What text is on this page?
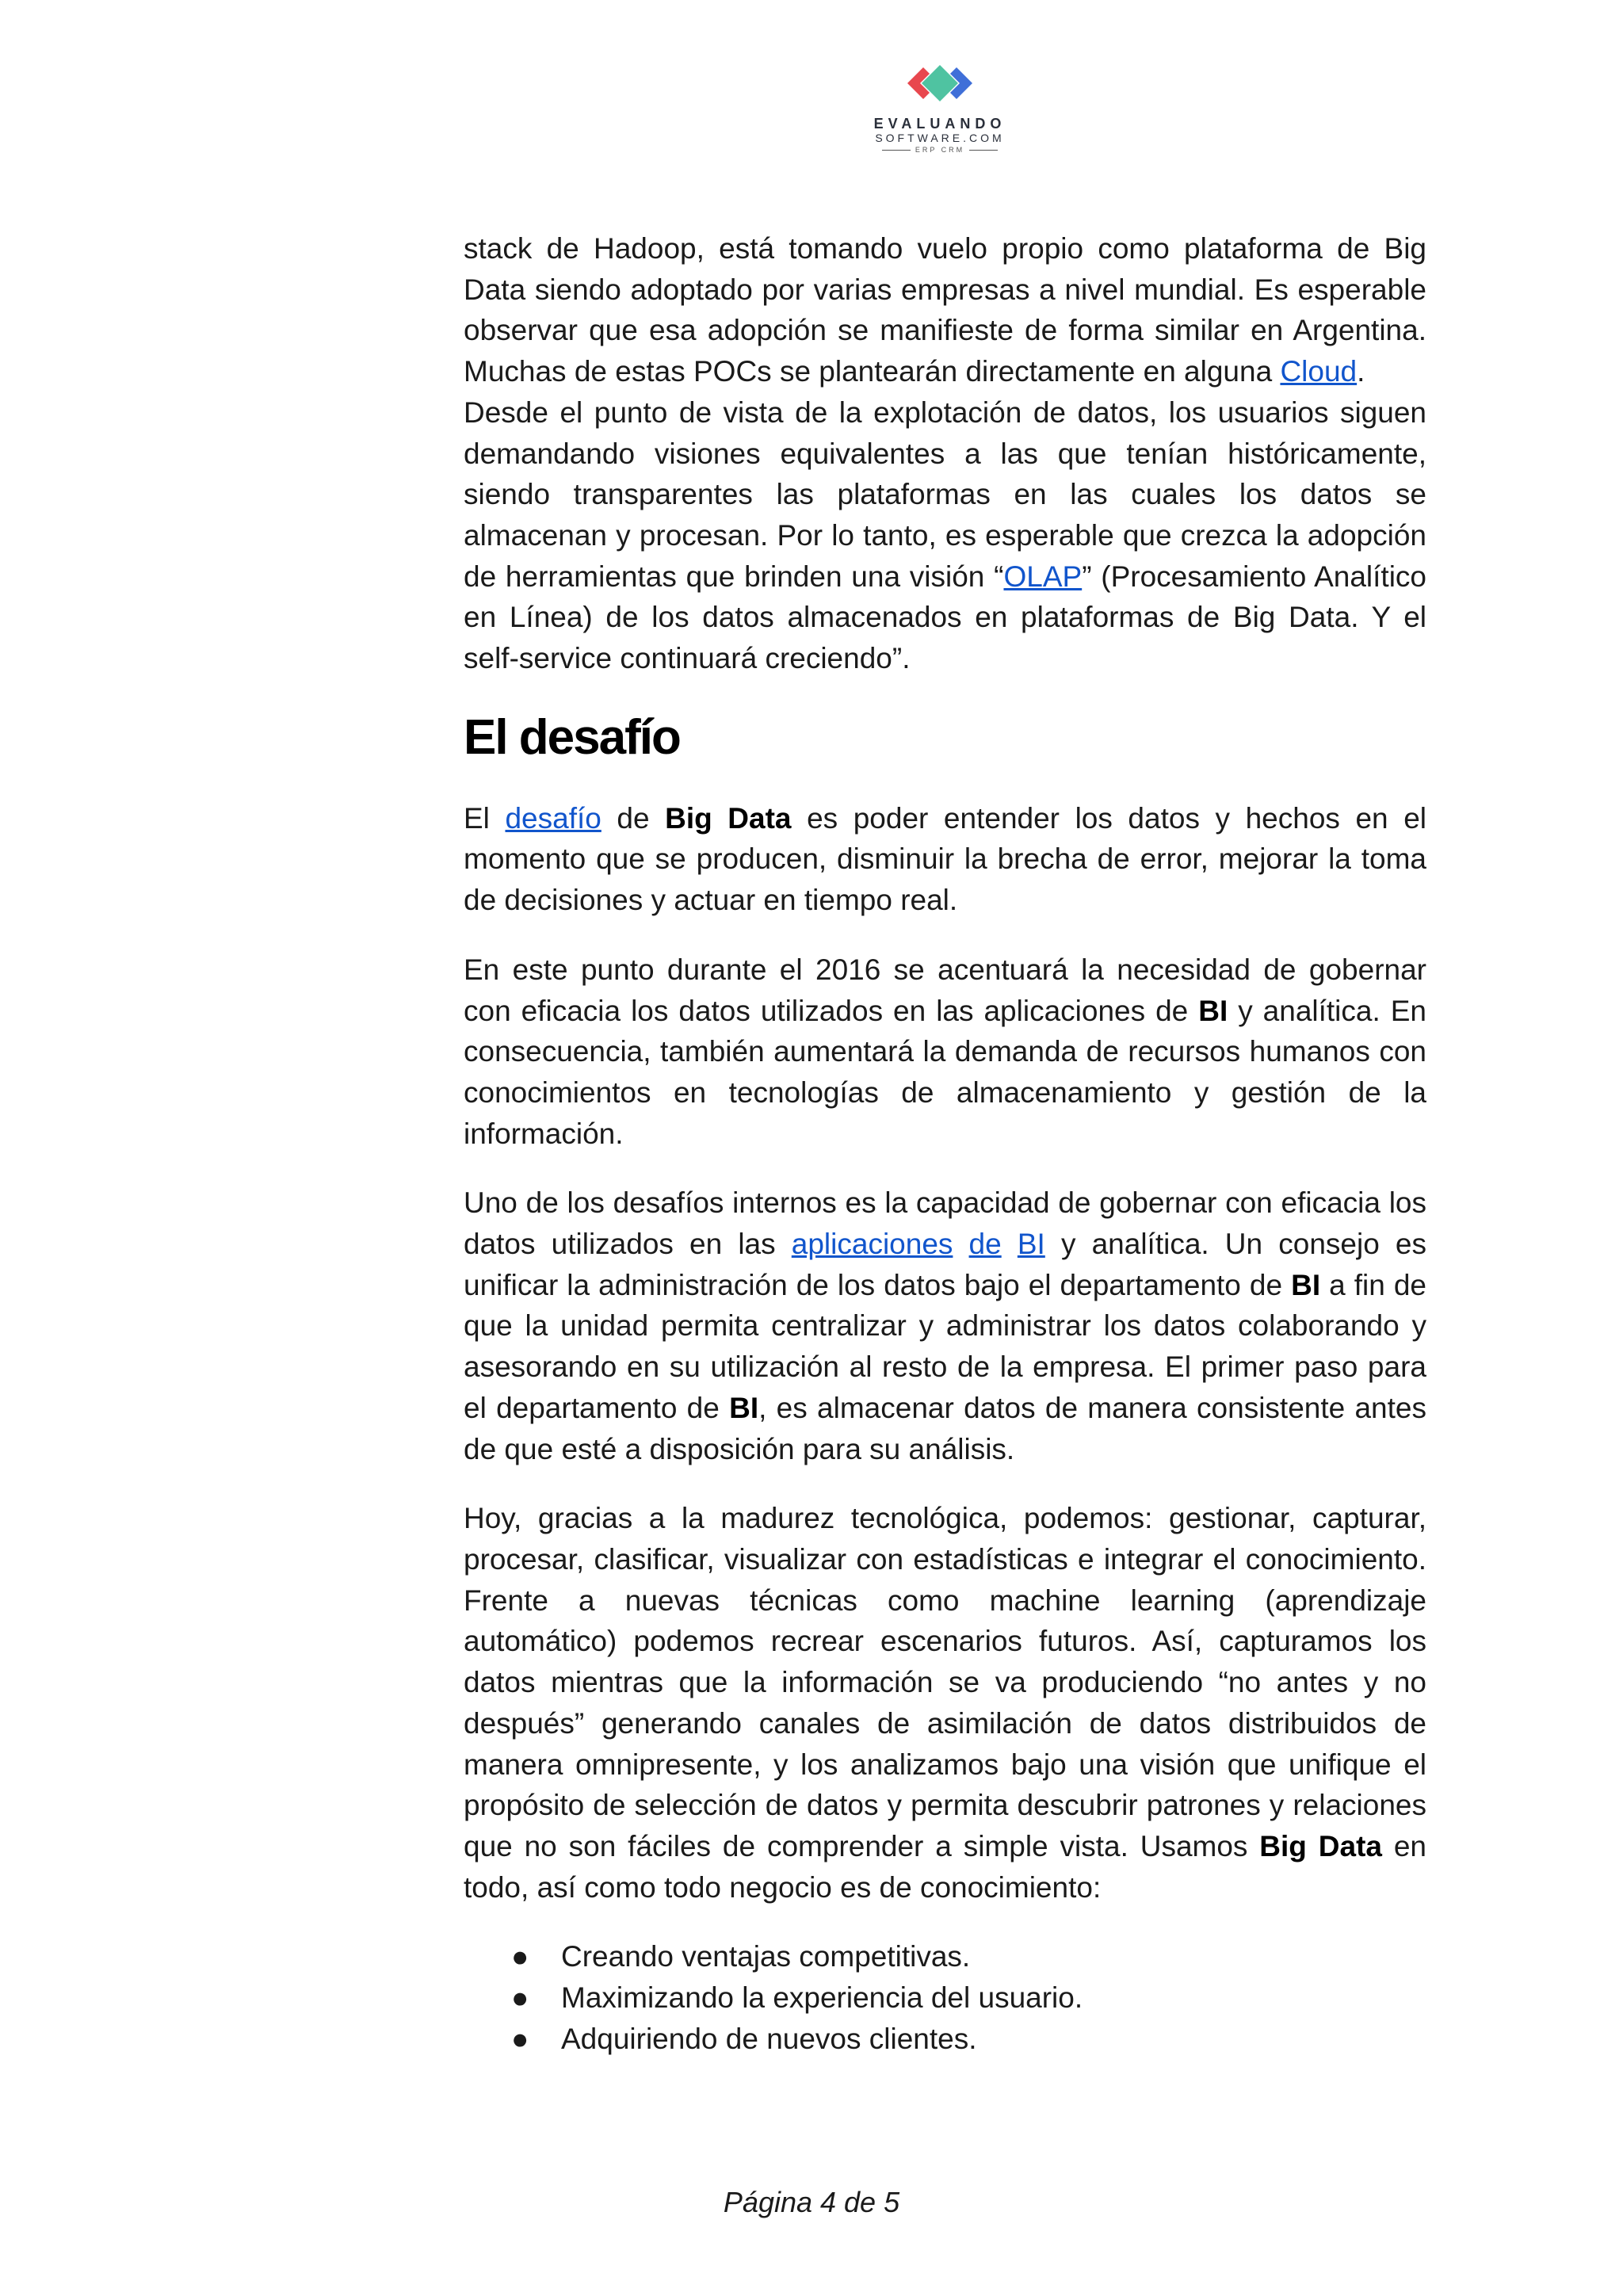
EVALUANDO
SOFTWARE.COM
ERP CRM

stack de Hadoop, está tomando vuelo propio como plataforma de Big Data siendo adoptado por varias empresas a nivel mundial. Es esperable observar que esa adopción se manifieste de forma similar en Argentina. Muchas de estas POCs se plantearán directamente en alguna Cloud.
Desde el punto de vista de la explotación de datos, los usuarios siguen demandando visiones equivalentes a las que tenían históricamente, siendo transparentes las plataformas en las cuales los datos se almacenan y procesan. Por lo tanto, es esperable que crezca la adopción de herramientas que brinden una visión “OLAP” (Procesamiento Analítico en Línea) de los datos almacenados en plataformas de Big Data. Y el self-service continuará creciendo”.

El desafío

El desafío de Big Data es poder entender los datos y hechos en el momento que se producen, disminuir la brecha de error, mejorar la toma de decisiones y actuar en tiempo real.

En este punto durante el 2016 se acentuará la necesidad de gobernar con eficacia los datos utilizados en las aplicaciones de BI y analítica. En consecuencia, también aumentará la demanda de recursos humanos con conocimientos en tecnologías de almacenamiento y gestión de la información.

Uno de los desafíos internos es la capacidad de gobernar con eficacia los datos utilizados en las aplicaciones de BI y analítica. Un consejo es unificar la administración de los datos bajo el departamento de BI a fin de que la unidad permita centralizar y administrar los datos colaborando y asesorando en su utilización al resto de la empresa. El primer paso para el departamento de BI, es almacenar datos de manera consistente antes de que esté a disposición para su análisis.

Hoy, gracias a la madurez tecnológica, podemos: gestionar, capturar, procesar, clasificar, visualizar con estadísticas e integrar el conocimiento. Frente a nuevas técnicas como machine learning (aprendizaje automático) podemos recrear escenarios futuros. Así, capturamos los datos mientras que la información se va produciendo “no antes y no después” generando canales de asimilación de datos distribuidos de manera omnipresente, y los analizamos bajo una visión que unifique el propósito de selección de datos y permita descubrir patrones y relaciones que no son fáciles de comprender a simple vista. Usamos Big Data en todo, así como todo negocio es de conocimiento:

● Creando ventajas competitivas.
● Maximizando la experiencia del usuario.
● Adquiriendo de nuevos clientes.
Página 4 de 5
